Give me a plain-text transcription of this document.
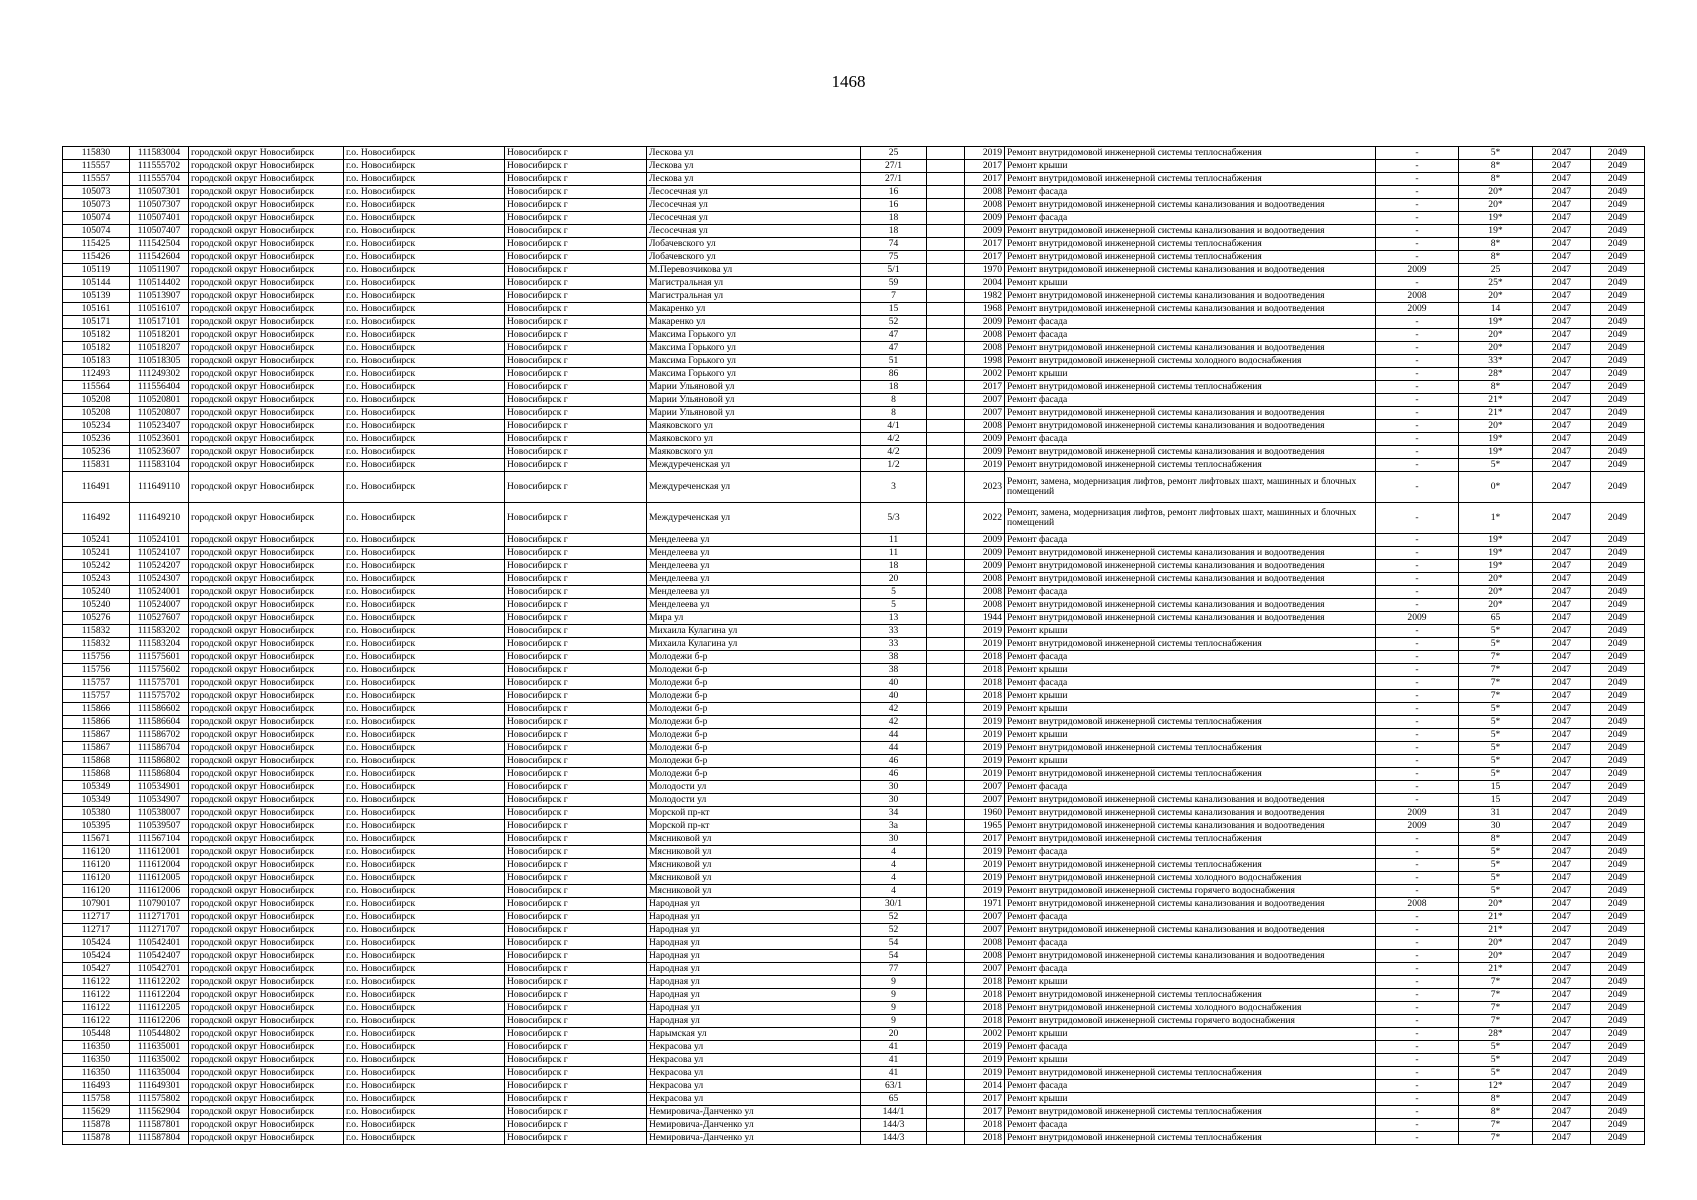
1468
115830	111583004	городской округ Новосибирск	г.о. Новосибирск	Новосибирск г	Лескова ул	25		2019	Ремонт внутридомовой инженерной системы теплоснабжения	-	5*	2047	2049
115557	111555702	городской округ Новосибирск	г.о. Новосибирск	Новосибирск г	Лескова ул	27/1		2017	Ремонт крыши	-	8*	2047	2049
115557	111555704	городской округ Новосибирск	г.о. Новосибирск	Новосибирск г	Лескова ул	27/1		2017	Ремонт внутридомовой инженерной системы теплоснабжения	-	8*	2047	2049
105073	110507301	городской округ Новосибирск	г.о. Новосибирск	Новосибирск г	Лесосечная ул	16		2008	Ремонт фасада	-	20*	2047	2049
105073	110507307	городской округ Новосибирск	г.о. Новосибирск	Новосибирск г	Лесосечная ул	16		2008	Ремонт внутридомовой инженерной системы канализования и водоотведения	-	20*	2047	2049
105074	110507401	городской округ Новосибирск	г.о. Новосибирск	Новосибирск г	Лесосечная ул	18		2009	Ремонт фасада	-	19*	2047	2049
105074	110507407	городской округ Новосибирск	г.о. Новосибирск	Новосибирск г	Лесосечная ул	18		2009	Ремонт внутридомовой инженерной системы канализования и водоотведения	-	19*	2047	2049
115425	111542504	городской округ Новосибирск	г.о. Новосибирск	Новосибирск г	Лобачевского ул	74		2017	Ремонт внутридомовой инженерной системы теплоснабжения	-	8*	2047	2049
115426	111542604	городской округ Новосибирск	г.о. Новосибирск	Новосибирск г	Лобачевского ул	75		2017	Ремонт внутридомовой инженерной системы теплоснабжения	-	8*	2047	2049
105119	110511907	городской округ Новосибирск	г.о. Новосибирск	Новосибирск г	М.Перевозчикова ул	5/1		1970	Ремонт внутридомовой инженерной системы канализования и водоотведения	2009	25	2047	2049
105144	110514402	городской округ Новосибирск	г.о. Новосибирск	Новосибирск г	Магистральная ул	59		2004	Ремонт крыши	-	25*	2047	2049
105139	110513907	городской округ Новосибирск	г.о. Новосибирск	Новосибирск г	Магистральная ул	7		1982	Ремонт внутридомовой инженерной системы канализования и водоотведения	2008	20*	2047	2049
105161	110516107	городской округ Новосибирск	г.о. Новосибирск	Новосибирск г	Макаренко ул	15		1968	Ремонт внутридомовой инженерной системы канализования и водоотведения	2009	14	2047	2049
105171	110517101	городской округ Новосибирск	г.о. Новосибирск	Новосибирск г	Макаренко ул	52		2009	Ремонт фасада	-	19*	2047	2049
105182	110518201	городской округ Новосибирск	г.о. Новосибирск	Новосибирск г	Максима Горького ул	47		2008	Ремонт фасада	-	20*	2047	2049
105182	110518207	городской округ Новосибирск	г.о. Новосибирск	Новосибирск г	Максима Горького ул	47		2008	Ремонт внутридомовой инженерной системы канализования и водоотведения	-	20*	2047	2049
105183	110518305	городской округ Новосибирск	г.о. Новосибирск	Новосибирск г	Максима Горького ул	51		1998	Ремонт внутридомовой инженерной системы холодного водоснабжения	-	33*	2047	2049
112493	111249302	городской округ Новосибирск	г.о. Новосибирск	Новосибирск г	Максима Горького ул	86		2002	Ремонт крыши	-	28*	2047	2049
115564	111556404	городской округ Новосибирск	г.о. Новосибирск	Новосибирск г	Марии Ульяновой ул	18		2017	Ремонт внутридомовой инженерной системы теплоснабжения	-	8*	2047	2049
105208	110520801	городской округ Новосибирск	г.о. Новосибирск	Новосибирск г	Марии Ульяновой ул	8		2007	Ремонт фасада	-	21*	2047	2049
105208	110520807	городской округ Новосибирск	г.о. Новосибирск	Новосибирск г	Марии Ульяновой ул	8		2007	Ремонт внутридомовой инженерной системы канализования и водоотведения	-	21*	2047	2049
105234	110523407	городской округ Новосибирск	г.о. Новосибирск	Новосибирск г	Маяковского ул	4/1		2008	Ремонт внутридомовой инженерной системы канализования и водоотведения	-	20*	2047	2049
105236	110523601	городской округ Новосибирск	г.о. Новосибирск	Новосибирск г	Маяковского ул	4/2		2009	Ремонт фасада	-	19*	2047	2049
105236	110523607	городской округ Новосибирск	г.о. Новосибирск	Новосибирск г	Маяковского ул	4/2		2009	Ремонт внутридомовой инженерной системы канализования и водоотведения	-	19*	2047	2049
115831	111583104	городской округ Новосибирск	г.о. Новосибирск	Новосибирск г	Междуреченская ул	1/2		2019	Ремонт внутридомовой инженерной системы теплоснабжения	-	5*	2047	2049
116491	111649110	городской округ Новосибирск	г.о. Новосибирск	Новосибирск г	Междуреченская ул	3		2023	Ремонт, замена, модернизация лифтов, ремонт лифтовых шахт, машинных и блочных помещений	-	0*	2047	2049
116492	111649210	городской округ Новосибирск	г.о. Новосибирск	Новосибирск г	Междуреченская ул	5/3		2022	Ремонт, замена, модернизация лифтов, ремонт лифтовых шахт, машинных и блочных помещений	-	1*	2047	2049
105241	110524101	городской округ Новосибирск	г.о. Новосибирск	Новосибирск г	Менделеева ул	11		2009	Ремонт фасада	-	19*	2047	2049
105241	110524107	городской округ Новосибирск	г.о. Новосибирск	Новосибирск г	Менделеева ул	11		2009	Ремонт внутридомовой инженерной системы канализования и водоотведения	-	19*	2047	2049
105242	110524207	городской округ Новосибирск	г.о. Новосибирск	Новосибирск г	Менделеева ул	18		2009	Ремонт внутридомовой инженерной системы канализования и водоотведения	-	19*	2047	2049
105243	110524307	городской округ Новосибирск	г.о. Новосибирск	Новосибирск г	Менделеева ул	20		2008	Ремонт внутридомовой инженерной системы канализования и водоотведения	-	20*	2047	2049
105240	110524001	городской округ Новосибирск	г.о. Новосибирск	Новосибирск г	Менделеева ул	5		2008	Ремонт фасада	-	20*	2047	2049
105240	110524007	городской округ Новосибирск	г.о. Новосибирск	Новосибирск г	Менделеева ул	5		2008	Ремонт внутридомовой инженерной системы канализования и водоотведения	-	20*	2047	2049
105276	110527607	городской округ Новосибирск	г.о. Новосибирск	Новосибирск г	Мира ул	13		1944	Ремонт внутридомовой инженерной системы канализования и водоотведения	2009	65	2047	2049
115832	111583202	городской округ Новосибирск	г.о. Новосибирск	Новосибирск г	Михаила Кулагина ул	33		2019	Ремонт крыши	-	5*	2047	2049
115832	111583204	городской округ Новосибирск	г.о. Новосибирск	Новосибирск г	Михаила Кулагина ул	33		2019	Ремонт внутридомовой инженерной системы теплоснабжения	-	5*	2047	2049
115756	111575601	городской округ Новосибирск	г.о. Новосибирск	Новосибирск г	Молодежи б-р	38		2018	Ремонт фасада	-	7*	2047	2049
115756	111575602	городской округ Новосибирск	г.о. Новосибирск	Новосибирск г	Молодежи б-р	38		2018	Ремонт крыши	-	7*	2047	2049
115757	111575701	городской округ Новосибирск	г.о. Новосибирск	Новосибирск г	Молодежи б-р	40		2018	Ремонт фасада	-	7*	2047	2049
115757	111575702	городской округ Новосибирск	г.о. Новосибирск	Новосибирск г	Молодежи б-р	40		2018	Ремонт крыши	-	7*	2047	2049
115866	111586602	городской округ Новосибирск	г.о. Новосибирск	Новосибирск г	Молодежи б-р	42		2019	Ремонт крыши	-	5*	2047	2049
115866	111586604	городской округ Новосибирск	г.о. Новосибирск	Новосибирск г	Молодежи б-р	42		2019	Ремонт внутридомовой инженерной системы теплоснабжения	-	5*	2047	2049
115867	111586702	городской округ Новосибирск	г.о. Новосибирск	Новосибирск г	Молодежи б-р	44		2019	Ремонт крыши	-	5*	2047	2049
115867	111586704	городской округ Новосибирск	г.о. Новосибирск	Новосибирск г	Молодежи б-р	44		2019	Ремонт внутридомовой инженерной системы теплоснабжения	-	5*	2047	2049
115868	111586802	городской округ Новосибирск	г.о. Новосибирск	Новосибирск г	Молодежи б-р	46		2019	Ремонт крыши	-	5*	2047	2049
115868	111586804	городской округ Новосибирск	г.о. Новосибирск	Новосибирск г	Молодежи б-р	46		2019	Ремонт внутридомовой инженерной системы теплоснабжения	-	5*	2047	2049
105349	110534901	городской округ Новосибирск	г.о. Новосибирск	Новосибирск г	Молодости ул	30		2007	Ремонт фасада	-	15	2047	2049
105349	110534907	городской округ Новосибирск	г.о. Новосибирск	Новосибирск г	Молодости ул	30		2007	Ремонт внутридомовой инженерной системы канализования и водоотведения	-	15	2047	2049
105380	110538007	городской округ Новосибирск	г.о. Новосибирск	Новосибирск г	Морской пр-кт	34		1960	Ремонт внутридомовой инженерной системы канализования и водоотведения	2009	31	2047	2049
105395	110539507	городской округ Новосибирск	г.о. Новосибирск	Новосибирск г	Морской пр-кт	3а		1965	Ремонт внутридомовой инженерной системы канализования и водоотведения	2009	30	2047	2049
115671	111567104	городской округ Новосибирск	г.о. Новосибирск	Новосибирск г	Мясниковой ул	30		2017	Ремонт внутридомовой инженерной системы теплоснабжения	-	8*	2047	2049
116120	111612001	городской округ Новосибирск	г.о. Новосибирск	Новосибирск г	Мясниковой ул	4		2019	Ремонт фасада	-	5*	2047	2049
116120	111612004	городской округ Новосибирск	г.о. Новосибирск	Новосибирск г	Мясниковой ул	4		2019	Ремонт внутридомовой инженерной системы теплоснабжения	-	5*	2047	2049
116120	111612005	городской округ Новосибирск	г.о. Новосибирск	Новосибирск г	Мясниковой ул	4		2019	Ремонт внутридомовой инженерной системы холодного водоснабжения	-	5*	2047	2049
116120	111612006	городской округ Новосибирск	г.о. Новосибирск	Новосибирск г	Мясниковой ул	4		2019	Ремонт внутридомовой инженерной системы горячего водоснабжения	-	5*	2047	2049
107901	110790107	городской округ Новосибирск	г.о. Новосибирск	Новосибирск г	Народная ул	30/1		1971	Ремонт внутридомовой инженерной системы канализования и водоотведения	2008	20*	2047	2049
112717	111271701	городской округ Новосибирск	г.о. Новосибирск	Новосибирск г	Народная ул	52		2007	Ремонт фасада	-	21*	2047	2049
112717	111271707	городской округ Новосибирск	г.о. Новосибирск	Новосибирск г	Народная ул	52		2007	Ремонт внутридомовой инженерной системы канализования и водоотведения	-	21*	2047	2049
105424	110542401	городской округ Новосибирск	г.о. Новосибирск	Новосибирск г	Народная ул	54		2008	Ремонт фасада	-	20*	2047	2049
105424	110542407	городской округ Новосибирск	г.о. Новосибирск	Новосибирск г	Народная ул	54		2008	Ремонт внутридомовой инженерной системы канализования и водоотведения	-	20*	2047	2049
105427	110542701	городской округ Новосибирск	г.о. Новосибирск	Новосибирск г	Народная ул	77		2007	Ремонт фасада	-	21*	2047	2049
116122	111612202	городской округ Новосибирск	г.о. Новосибирск	Новосибирск г	Народная ул	9		2018	Ремонт крыши	-	7*	2047	2049
116122	111612204	городской округ Новосибирск	г.о. Новосибирск	Новосибирск г	Народная ул	9		2018	Ремонт внутридомовой инженерной системы теплоснабжения	-	7*	2047	2049
116122	111612205	городской округ Новосибирск	г.о. Новосибирск	Новосибирск г	Народная ул	9		2018	Ремонт внутридомовой инженерной системы холодного водоснабжения	-	7*	2047	2049
116122	111612206	городской округ Новосибирск	г.о. Новосибирск	Новосибирск г	Народная ул	9		2018	Ремонт внутридомовой инженерной системы горячего водоснабжения	-	7*	2047	2049
105448	110544802	городской округ Новосибирск	г.о. Новосибирск	Новосибирск г	Нарымская ул	20		2002	Ремонт крыши	-	28*	2047	2049
116350	111635001	городской округ Новосибирск	г.о. Новосибирск	Новосибирск г	Некрасова ул	41		2019	Ремонт фасада	-	5*	2047	2049
116350	111635002	городской округ Новосибирск	г.о. Новосибирск	Новосибирск г	Некрасова ул	41		2019	Ремонт крыши	-	5*	2047	2049
116350	111635004	городской округ Новосибирск	г.о. Новосибирск	Новосибирск г	Некрасова ул	41		2019	Ремонт внутридомовой инженерной системы теплоснабжения	-	5*	2047	2049
116493	111649301	городской округ Новосибирск	г.о. Новосибирск	Новосибирск г	Некрасова ул	63/1		2014	Ремонт фасада	-	12*	2047	2049
115758	111575802	городской округ Новосибирск	г.о. Новосибирск	Новосибирск г	Некрасова ул	65		2017	Ремонт крыши	-	8*	2047	2049
115629	111562904	городской округ Новосибирск	г.о. Новосибирск	Новосибирск г	Немировича-Данченко ул	144/1		2017	Ремонт внутридомовой инженерной системы теплоснабжения	-	8*	2047	2049
115878	111587801	городской округ Новосибирск	г.о. Новосибирск	Новосибирск г	Немировича-Данченко ул	144/3		2018	Ремонт фасада	-	7*	2047	2049
115878	111587804	городской округ Новосибирск	г.о. Новосибирск	Новосибирск г	Немировича-Данченко ул	144/3		2018	Ремонт внутридомовой инженерной системы теплоснабжения	-	7*	2047	2049
